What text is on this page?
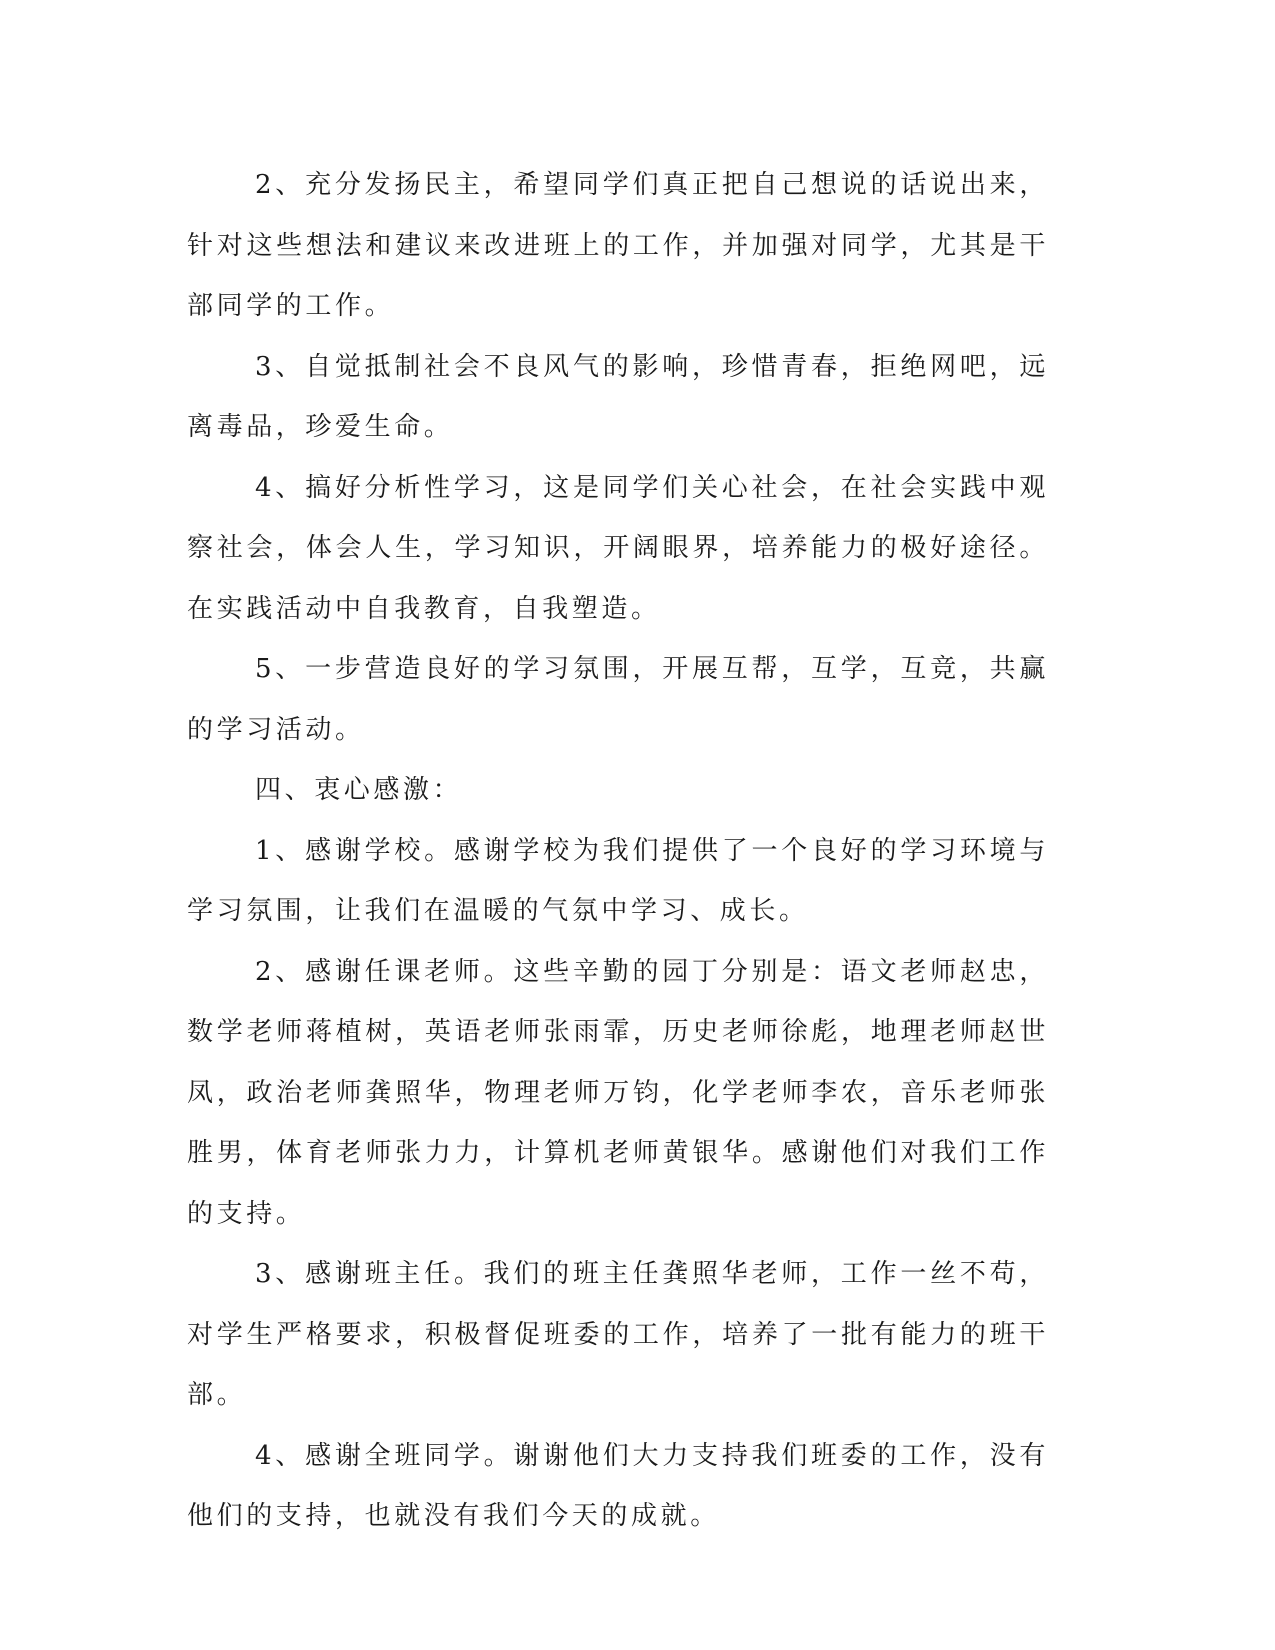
2、充分发扬民主，希望同学们真正把自己想说的话说出来，针对这些想法和建议来改进班上的工作，并加强对同学，尤其是干部同学的工作。

3、自觉抵制社会不良风气的影响，珍惜青春，拒绝网吧，远离毒品，珍爱生命。

4、搞好分析性学习，这是同学们关心社会，在社会实践中观察社会，体会人生，学习知识，开阔眼界，培养能力的极好途径。在实践活动中自我教育，自我塑造。

5、一步营造良好的学习氛围，开展互帮，互学，互竞，共赢的学习活动。

四、衷心感激：

1、感谢学校。感谢学校为我们提供了一个良好的学习环境与学习氛围，让我们在温暖的气氛中学习、成长。

2、感谢任课老师。这些辛勤的园丁分别是：语文老师赵忠，数学老师蒋植树，英语老师张雨霏，历史老师徐彪，地理老师赵世凤，政治老师龚照华，物理老师万钧，化学老师李农，音乐老师张胜男，体育老师张力力，计算机老师黄银华。感谢他们对我们工作的支持。

3、感谢班主任。我们的班主任龚照华老师，工作一丝不苟，对学生严格要求，积极督促班委的工作，培养了一批有能力的班干部。

4、感谢全班同学。谢谢他们大力支持我们班委的工作，没有他们的支持，也就没有我们今天的成就。
